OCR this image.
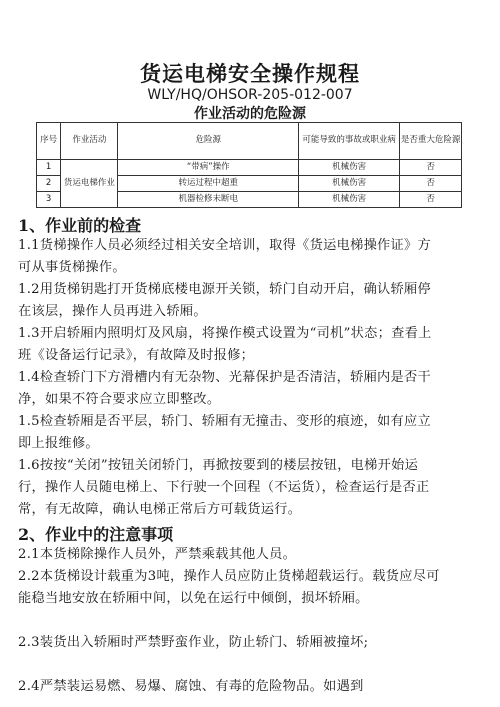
货运电梯安全操作规程
WLY/HQ/OHSOR-205-012-007
作业活动的危险源
序号	作业活动	危险源	可能导致的事故或职业病	是否重大危险源
1	货运电梯作业	“带病”操作	机械伤害	否
2		转运过程中超重	机械伤害	否
3		机器检修未断电	机械伤害	否
1、作业前的检查
1.1货梯操作人员必须经过相关安全培训，取得《货运电梯操作证》方可从事货梯操作。
1.2用货梯钥匙打开货梯底楼电源开关锁，轿门自动开启，确认轿厢停在该层，操作人员再进入轿厢。
1.3开启轿厢内照明灯及风扇，将操作模式设置为“司机”状态；查看上班《设备运行记录》，有故障及时报修；
1.4检查轿门下方滑槽内有无杂物、光幕保护是否清洁，轿厢内是否干净，如果不符合要求应立即整改。
1.5检查轿厢是否平层，轿门、轿厢有无撞击、变形的痕迹，如有应立即上报维修。
1.6按按“关闭”按钮关闭轿门，再掀按要到的楼层按钮，电梯开始运行，操作人员随电梯上、下行驶一个回程（不运货），检查运行是否正常，有无故障，确认电梯正常后方可载货运行。
2、作业中的注意事项
2.1本货梯除操作人员外，严禁乘载其他人员。
2.2本货梯设计载重为3吨，操作人员应防止货梯超载运行。载货应尽可能稳当地安放在轿厢中间，以免在运行中倾倒，损坏轿厢。
2.3装货出入轿厢时严禁野蛮作业，防止轿门、轿厢被撞坏;
2.4严禁装运易燃、易爆、腐蚀、有毒的危险物品。如遇到
